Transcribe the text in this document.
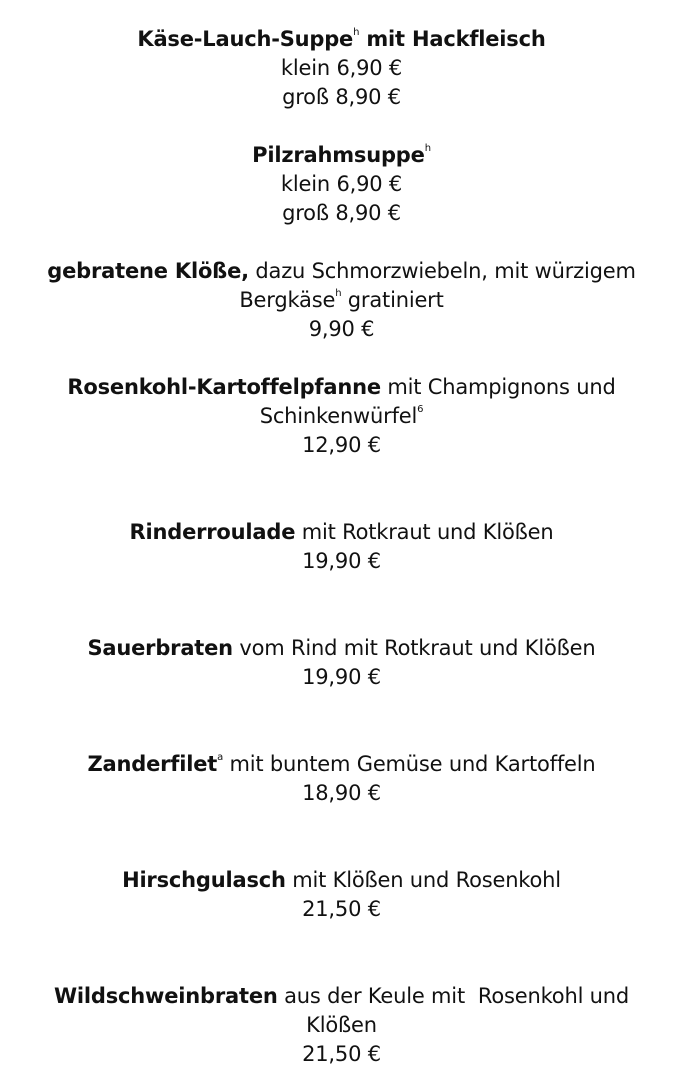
Käse-Lauch-Suppe$^h$ mit Hackfleisch
klein 6,90 €
groß 8,90 €
Pilzrahmsuppe$^h$
klein 6,90 €
groß 8,90 €
gebratene Klöße, dazu Schmorzwiebeln, mit würzigem
Bergkäse$^h$ gratiniert
9,90 €
Rosenkohl-Kartoffelpfanne mit Champignons und
Schinkenwürfel$^6$
12,90 €
Rinderroulade mit Rotkraut und Klößen
19,90 €
Sauerbraten vom Rind mit Rotkraut und Klößen
19,90 €
Zanderfilet$^a$ mit buntem Gemüse und Kartoffeln
18,90 €
Hirschgulasch mit Klößen und Rosenkohl
21,50 €
Wildschweinbraten aus der Keule mit  Rosenkohl und
Klößen
21,50 €
